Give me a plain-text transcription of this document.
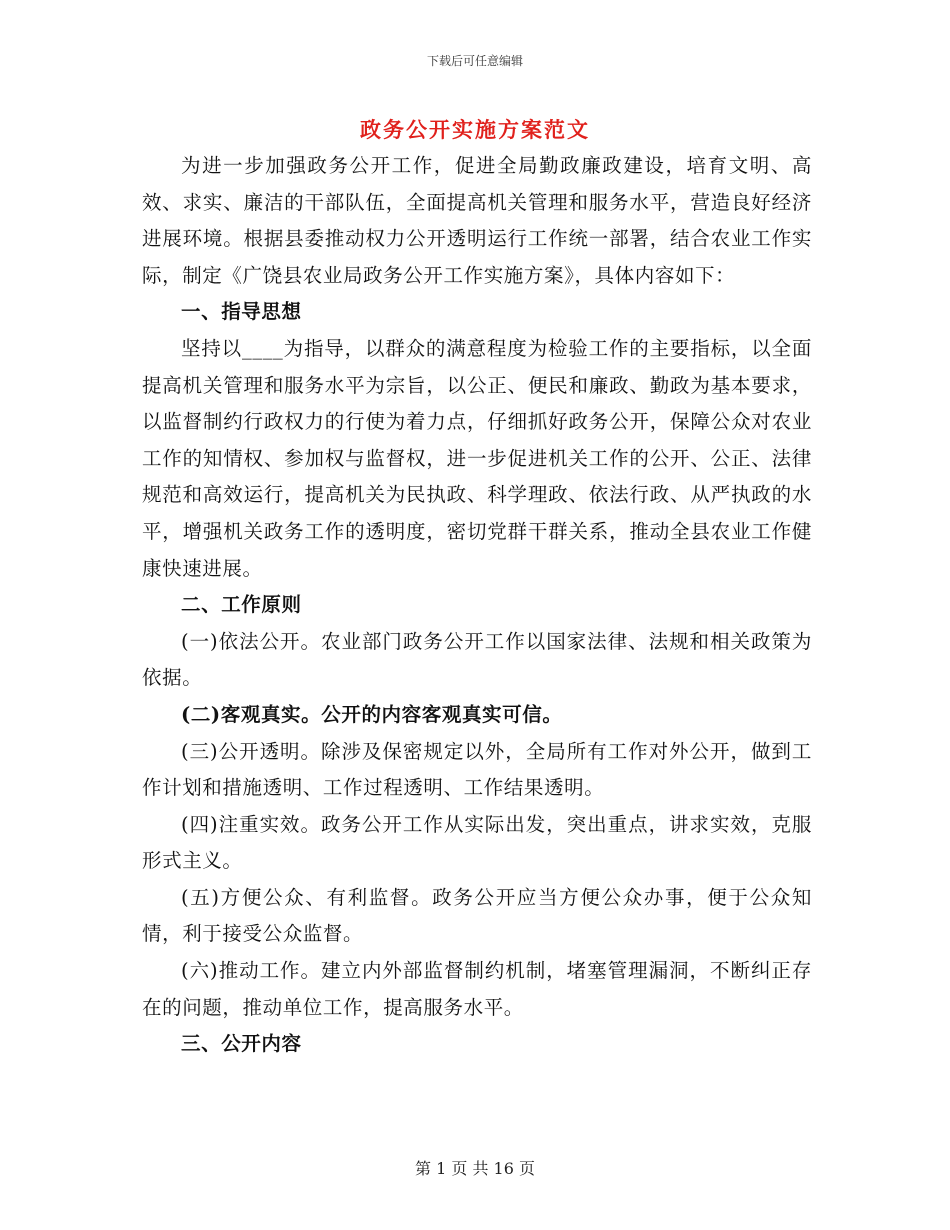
下载后可任意编辑
政务公开实施方案范文

为进一步加强政务公开工作，促进全局勤政廉政建设，培育文明、高效、求实、廉洁的干部队伍，全面提高机关管理和服务水平，营造良好经济进展环境。根据县委推动权力公开透明运行工作统一部署，结合农业工作实际，制定《广饶县农业局政务公开工作实施方案》，具体内容如下：

一、指导思想

坚持以____为指导，以群众的满意程度为检验工作的主要指标，以全面提高机关管理和服务水平为宗旨，以公正、便民和廉政、勤政为基本要求，以监督制约行政权力的行使为着力点，仔细抓好政务公开，保障公众对农业工作的知情权、参加权与监督权，进一步促进机关工作的公开、公正、法律规范和高效运行，提高机关为民执政、科学理政、依法行政、从严执政的水平，增强机关政务工作的透明度，密切党群干群关系，推动全县农业工作健康快速进展。

二、工作原则

(一)依法公开。农业部门政务公开工作以国家法律、法规和相关政策为依据。

(二)客观真实。公开的内容客观真实可信。

(三)公开透明。除涉及保密规定以外，全局所有工作对外公开，做到工作计划和措施透明、工作过程透明、工作结果透明。

(四)注重实效。政务公开工作从实际出发，突出重点，讲求实效，克服形式主义。

(五)方便公众、有利监督。政务公开应当方便公众办事，便于公众知情，利于接受公众监督。

(六)推动工作。建立内外部监督制约机制，堵塞管理漏洞，不断纠正存在的问题，推动单位工作，提高服务水平。

三、公开内容

第 1 页 共 16 页
